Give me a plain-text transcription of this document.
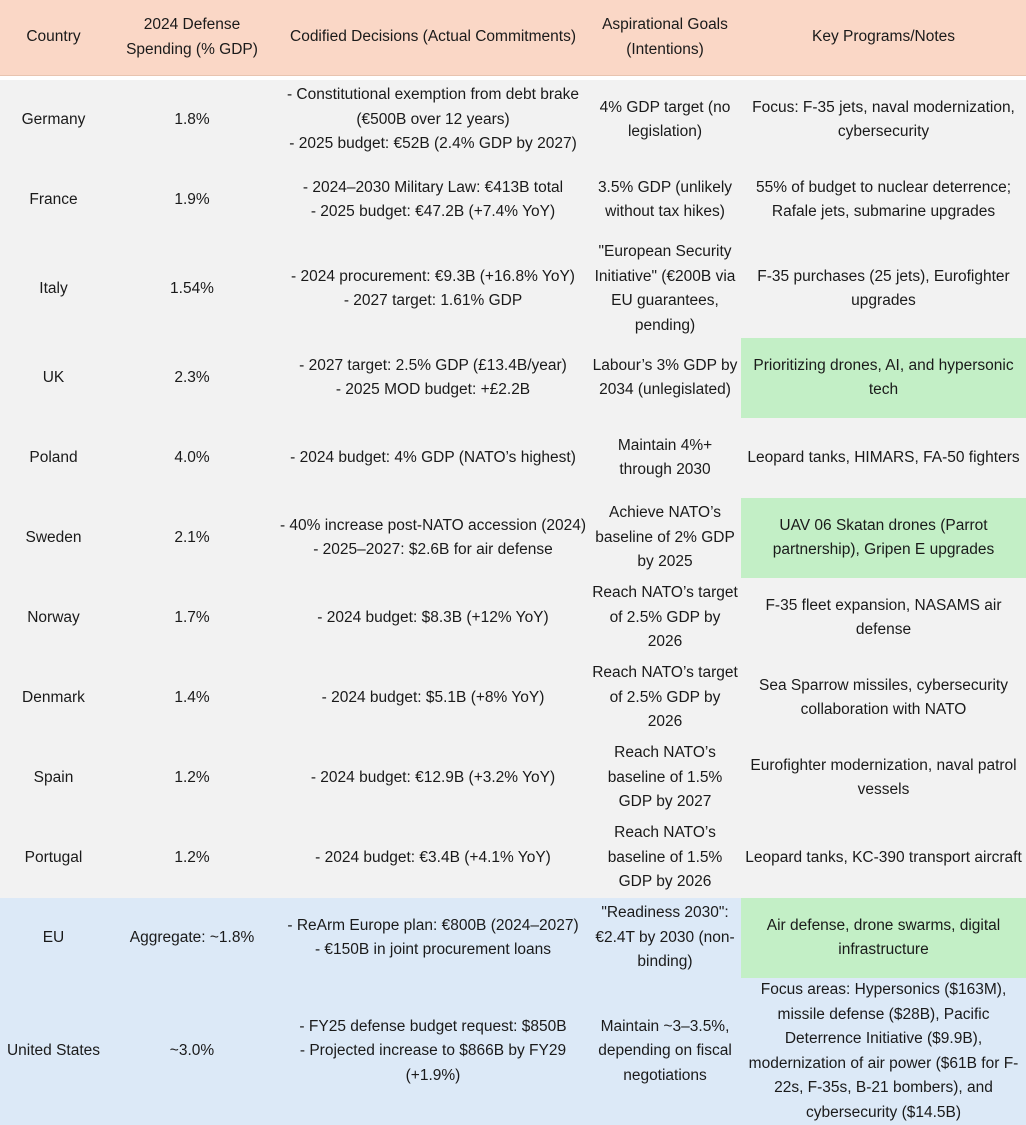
Country	2024 Defense Spending (% GDP)	Codified Decisions (Actual Commitments)	Aspirational Goals (Intentions)	Key Programs/Notes

Germany	1.8%	- Constitutional exemption from debt brake (€500B over 12 years)
- 2025 budget: €52B (2.4% GDP by 2027)	4% GDP target (no legislation)	Focus: F-35 jets, naval modernization, cybersecurity
France	1.9%	- 2024–2030 Military Law: €413B total
- 2025 budget: €47.2B (+7.4% YoY)	3.5% GDP (unlikely without tax hikes)	55% of budget to nuclear deterrence; Rafale jets, submarine upgrades
Italy	1.54%	- 2024 procurement: €9.3B (+16.8% YoY)
- 2027 target: 1.61% GDP	"European Security Initiative" (€200B via EU guarantees, pending)	F-35 purchases (25 jets), Eurofighter upgrades
UK	2.3%	- 2027 target: 2.5% GDP (£13.4B/year)
- 2025 MOD budget: +£2.2B	Labour’s 3% GDP by 2034 (unlegislated)	Prioritizing drones, AI, and hypersonic tech
Poland	4.0%	- 2024 budget: 4% GDP (NATO’s highest)	Maintain 4%+ through 2030	Leopard tanks, HIMARS, FA-50 fighters
Sweden	2.1%	- 40% increase post-NATO accession (2024)
- 2025–2027: $2.6B for air defense	Achieve NATO’s baseline of 2% GDP by 2025	UAV 06 Skatan drones (Parrot partnership), Gripen E upgrades
Norway	1.7%	- 2024 budget: $8.3B (+12% YoY)	Reach NATO’s target of 2.5% GDP by 2026	F-35 fleet expansion, NASAMS air defense
Denmark	1.4%	- 2024 budget: $5.1B (+8% YoY)	Reach NATO’s target of 2.5% GDP by 2026	Sea Sparrow missiles, cybersecurity collaboration with NATO
Spain	1.2%	- 2024 budget: €12.9B (+3.2% YoY)	Reach NATO’s baseline of 1.5% GDP by 2027	Eurofighter modernization, naval patrol vessels
Portugal	1.2%	- 2024 budget: €3.4B (+4.1% YoY)	Reach NATO’s baseline of 1.5% GDP by 2026	Leopard tanks, KC-390 transport aircraft
EU	Aggregate: ~1.8%	- ReArm Europe plan: €800B (2024–2027)
- €150B in joint procurement loans	"Readiness 2030": €2.4T by 2030 (non-binding)	Air defense, drone swarms, digital infrastructure
United States	~3.0%	- FY25 defense budget request: $850B
- Projected increase to $866B by FY29 (+1.9%)	Maintain ~3–3.5%, depending on fiscal negotiations	Focus areas: Hypersonics ($163M), missile defense ($28B), Pacific Deterrence Initiative ($9.9B), modernization of air power ($61B for F-22s, F-35s, B-21 bombers), and cybersecurity ($14.5B)
